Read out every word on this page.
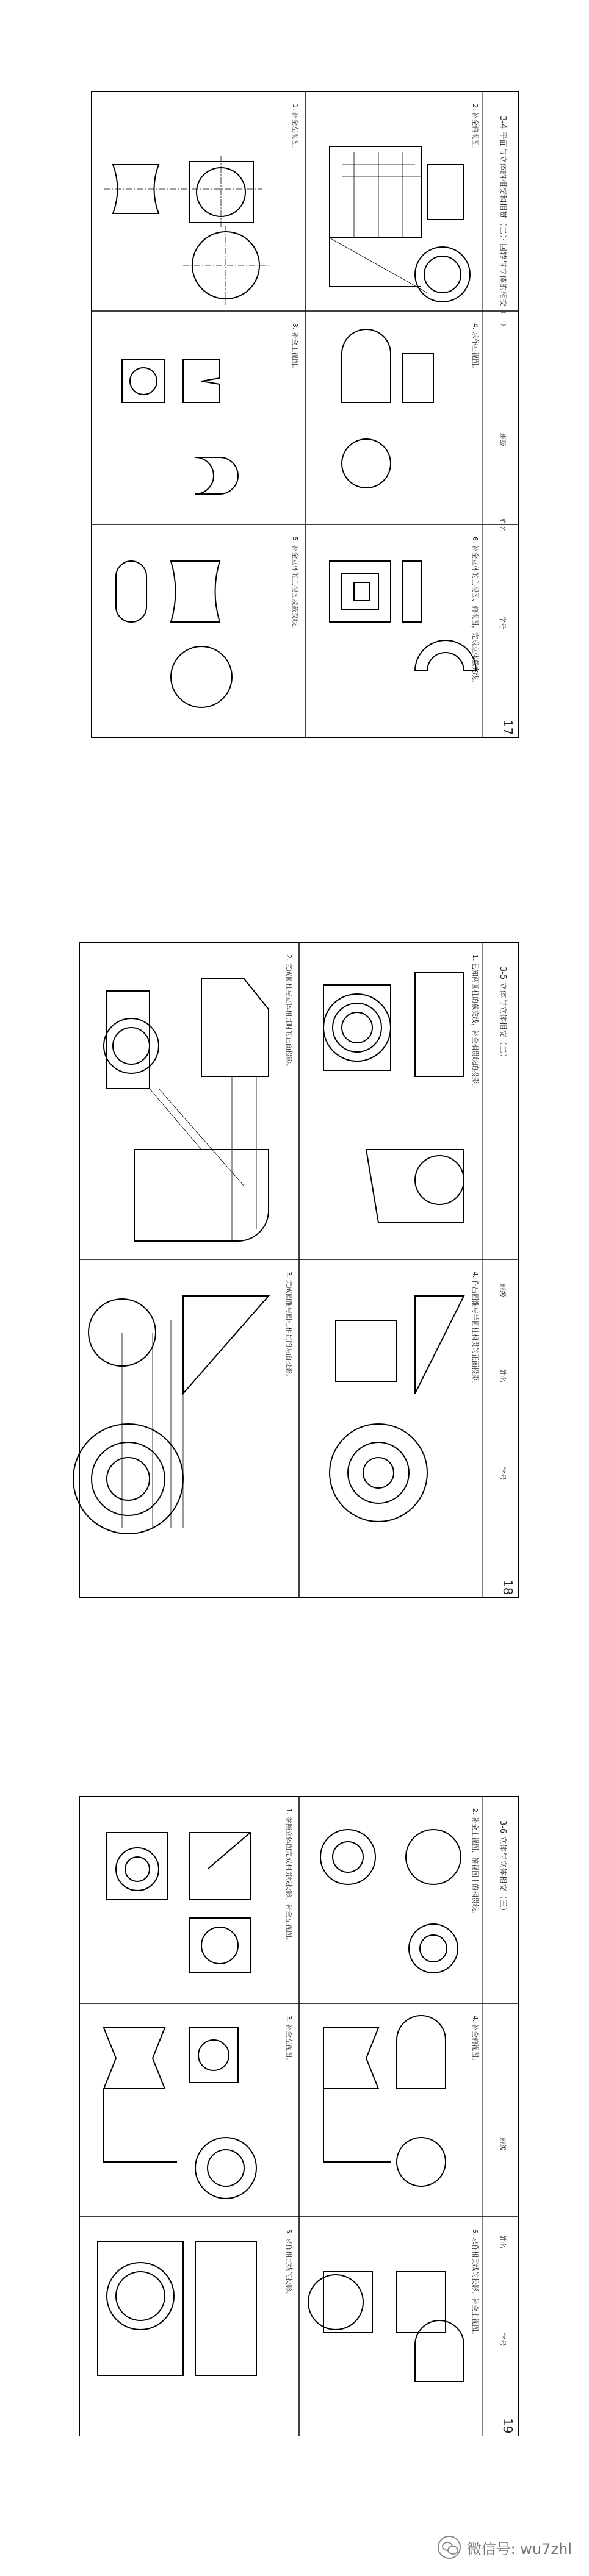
3-4 平面与立体的相交和相贯（二）· 回转与立体的相交（一）
17
班级
姓名
学号
1. 补全左视图。	2. 补全俯视图。
3. 补全主视图。	4. 求作左视图。
5. 补全立体的主视图及截交线。	6. 补全立体的主视图、俯视图，完成立体截交线。
3-5 立体与立体相交（二）
18
班级
姓名
学号
1. 已知两圆柱的截交线，补全相贯线的投影。
2. 完成圆柱与立体相贯时的正面投影。
3. 完成圆锥与圆柱相贯的两面投影。	4. 作出圆锥与半圆柱相贯的正面投影。
3-6 立体与立体相交（三）
19
班级
姓名
学号
1. 参照立体图完成相贯线投影，补全左视图。	2. 补全主视图、俯视图中的相贯线。
3. 补全左视图。	4. 补全俯视图。
5. 求作相贯线的投影。	6. 求作相贯线的投影，补全主视图。
微信号: wu7zhl
